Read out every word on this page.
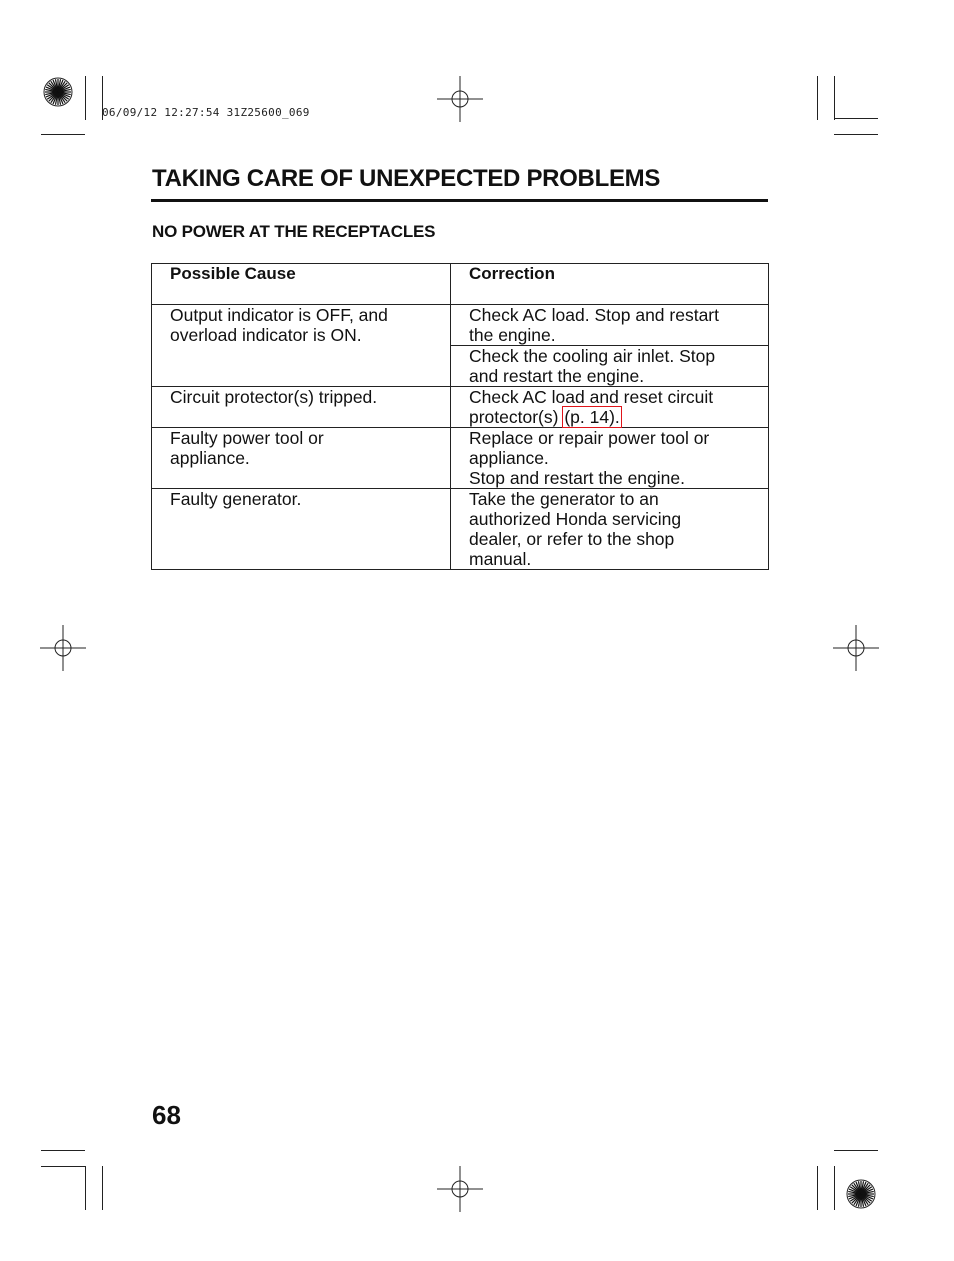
06/09/12 12:27:54 31Z25600_069
TAKING CARE OF UNEXPECTED PROBLEMS
NO POWER AT THE RECEPTACLES
Possible Cause	Correction

Output indicator is OFF, and
overload indicator is ON.	Check AC load. Stop and restart
the engine.

	Check the cooling air inlet. Stop
and restart the engine.

Circuit protector(s) tripped.	Check AC load and reset circuit
protector(s) (p. 14).

Faulty power tool or
appliance.	Replace or repair power tool or
appliance.
Stop and restart the engine.

Faulty generator.	Take the generator to an
authorized Honda servicing
dealer, or refer to the shop
manual.
68
